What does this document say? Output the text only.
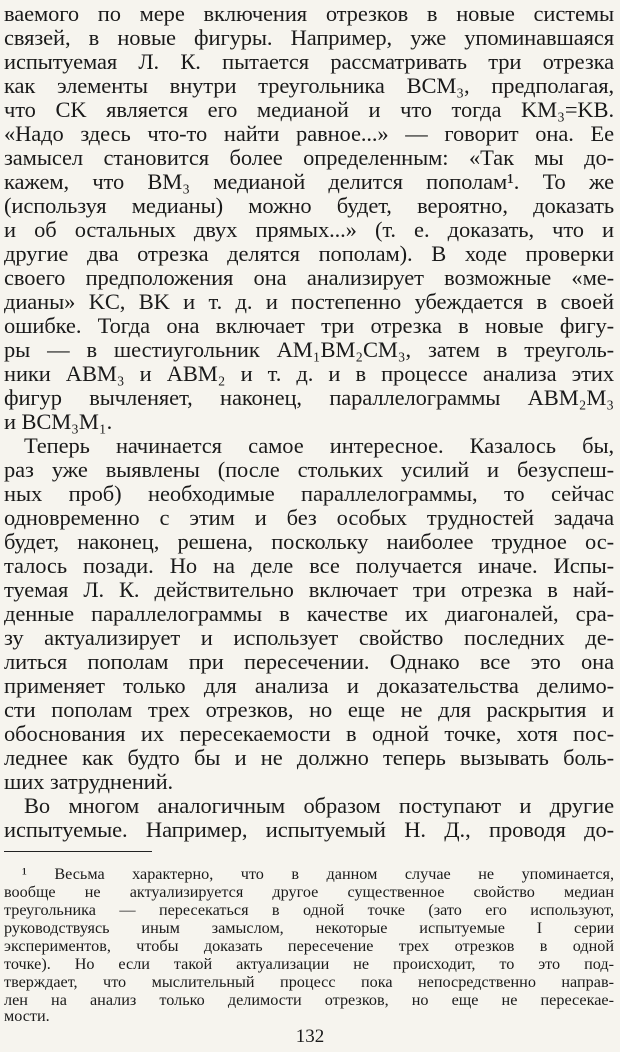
ваемого по мере включения отрезков в новые системы
связей, в новые фигуры. Например, уже упоминавшаяся
испытуемая Л. К. пытается рассматривать три отрезка
как элементы внутри треугольника BCM₃, предполагая,
что CK является его медианой и что тогда KM₃=KB.
«Надо здесь что-то найти равное...» — говорит она. Ее
замысел становится более определенным: «Так мы до-
кажем, что BM₃ медианой делится пополам¹. То же
(используя медианы) можно будет, вероятно, доказать
и об остальных двух прямых...» (т. е. доказать, что и
другие два отрезка делятся пополам). В ходе проверки
своего предположения она анализирует возможные «ме-
дианы» KC, BK и т. д. и постепенно убеждается в своей
ошибке. Тогда она включает три отрезка в новые фигу-
ры — в шестиугольник AM₁BM₂CM₃, затем в треуголь-
ники ABM₃ и ABM₂ и т. д. и в процессе анализа этих
фигур вычленяет, наконец, параллелограммы ABM₂M₃
и BCM₃M₁.
Теперь начинается самое интересное. Казалось бы,
раз уже выявлены (после стольких усилий и безуспеш-
ных проб) необходимые параллелограммы, то сейчас
одновременно с этим и без особых трудностей задача
будет, наконец, решена, поскольку наиболее трудное ос-
талось позади. Но на деле все получается иначе. Испы-
туемая Л. К. действительно включает три отрезка в най-
денные параллелограммы в качестве их диагоналей, сра-
зу актуализирует и использует свойство последних де-
литься пополам при пересечении. Однако все это она
применяет только для анализа и доказательства делимо-
сти пополам трех отрезков, но еще не для раскрытия и
обоснования их пересекаемости в одной точке, хотя пос-
леднее как будто бы и не должно теперь вызывать боль-
ших затруднений.
Во многом аналогичным образом поступают и другие
испытуемые. Например, испытуемый Н. Д., проводя до-
¹ Весьма характерно, что в данном случае не упоминается,
вообще не актуализируется другое существенное свойство медиан
треугольника — пересекаться в одной точке (зато его используют,
руководствуясь иным замыслом, некоторые испытуемые I серии
экспериментов, чтобы доказать пересечение трех отрезков в одной
точке). Но если такой актуализации не происходит, то это под-
тверждает, что мыслительный процесс пока непосредственно направ-
лен на анализ только делимости отрезков, но еще не пересекае-
мости.
132
